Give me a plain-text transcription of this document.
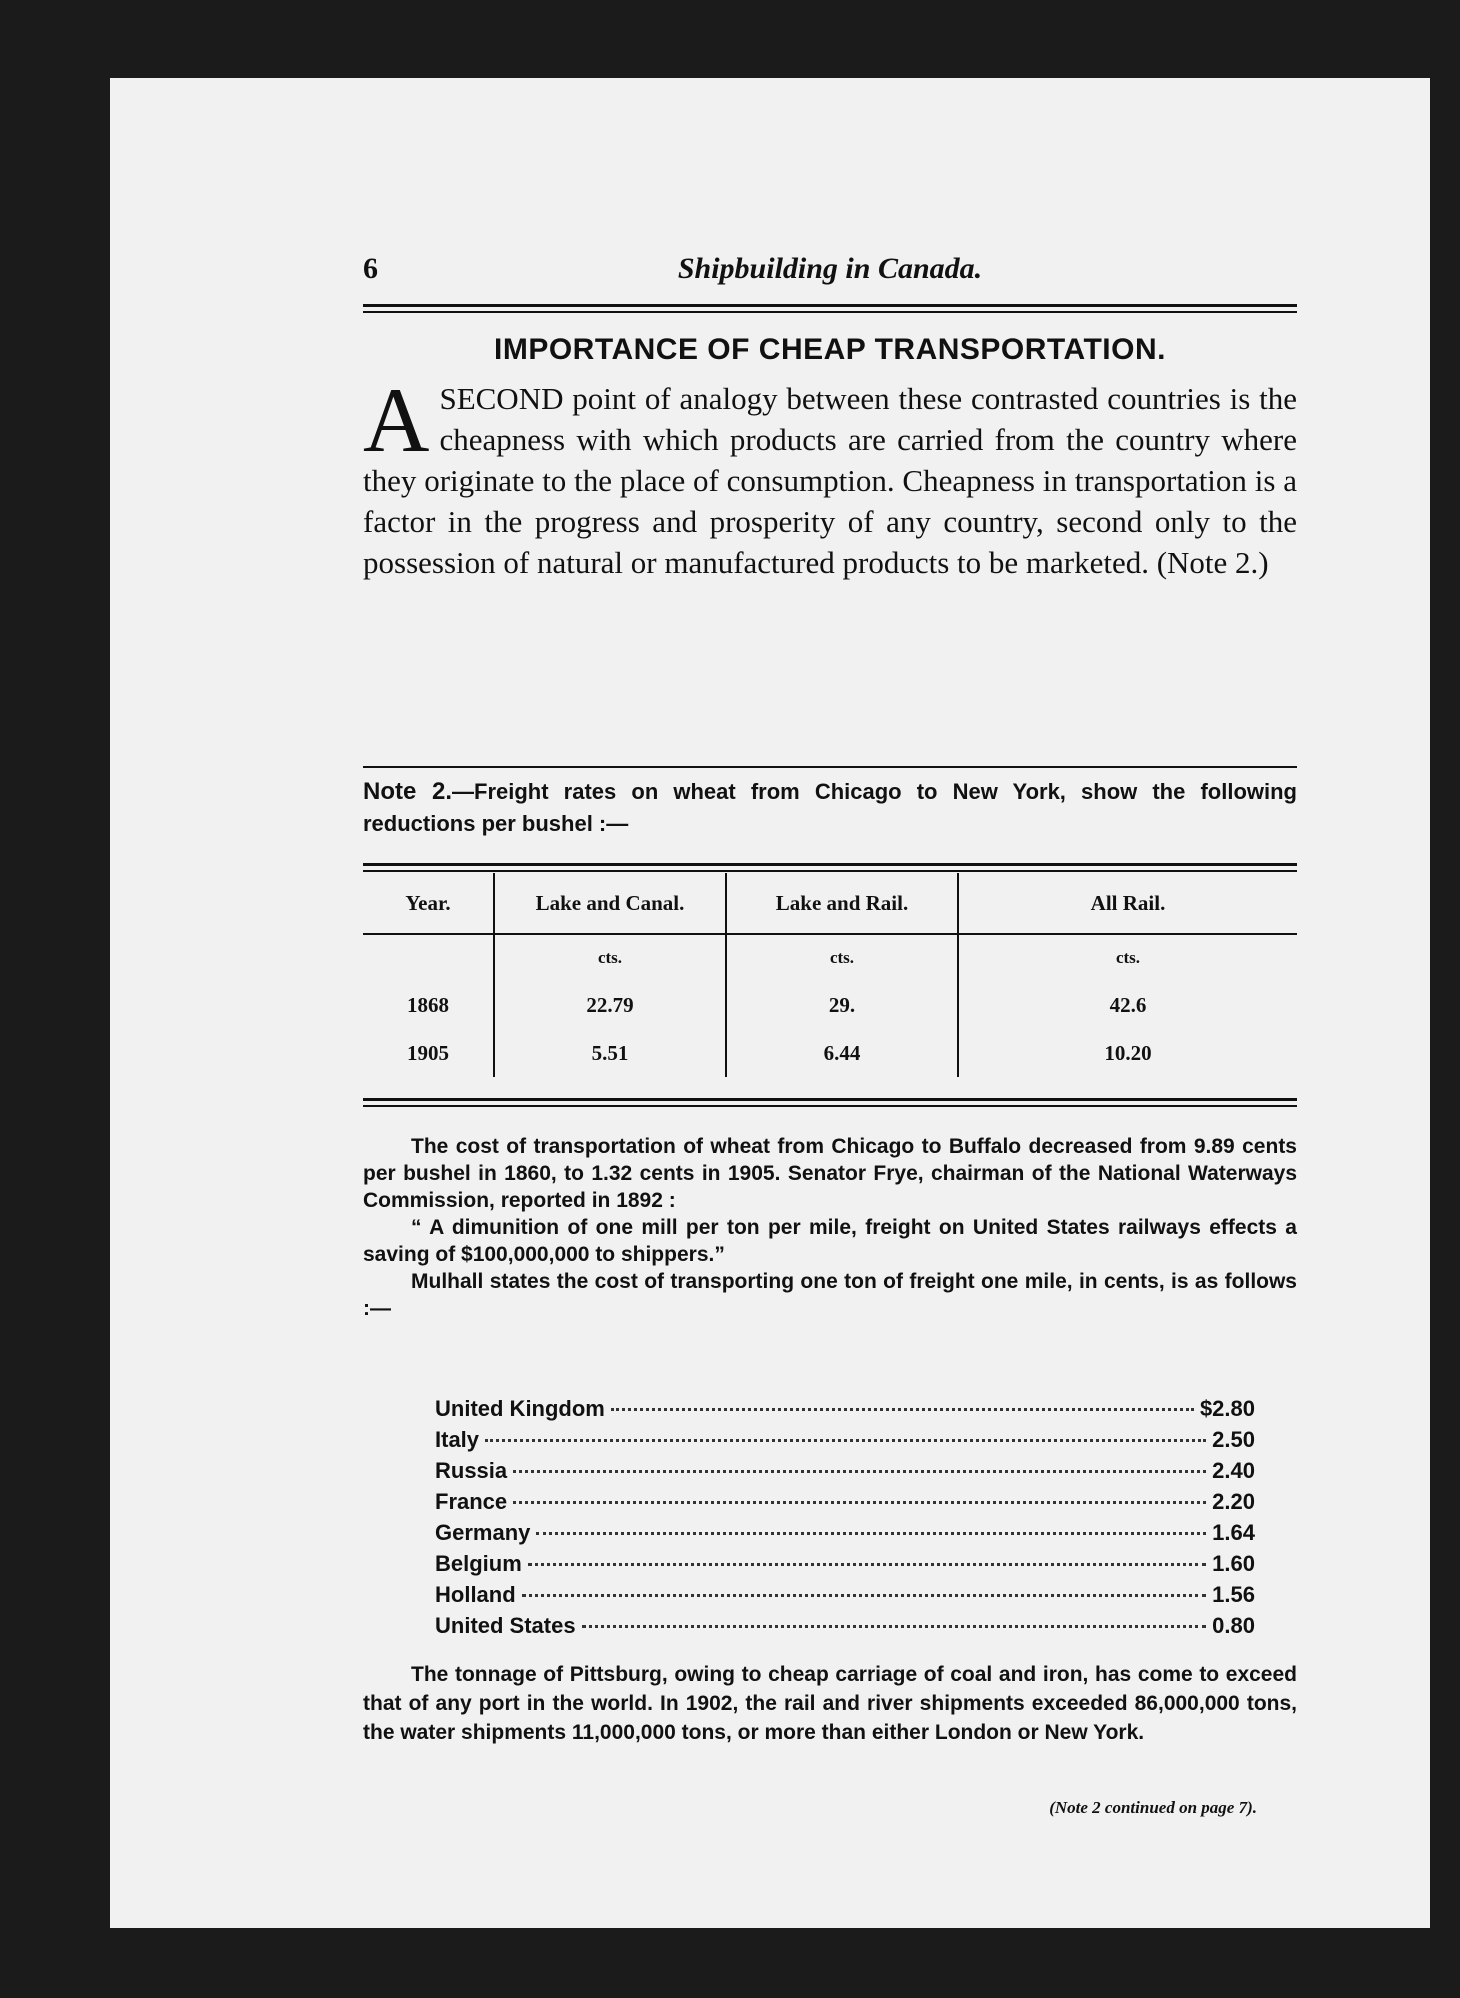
6	Shipbuilding in Canada.
IMPORTANCE OF CHEAP TRANSPORTATION.
A SECOND point of analogy between these contrasted countries is the cheapness with which products are carried from the country where they originate to the place of consumption. Cheapness in transportation is a factor in the progress and prosperity of any country, second only to the possession of natural or manufactured products to be marketed. (Note 2.)
Note 2.—Freight rates on wheat from Chicago to New York, show the following reductions per bushel :—
Year.	Lake and Canal.	Lake and Rail.	All Rail.
	cts.	cts.	cts.
1868	22.79	29.	42.6
1905	5.51	6.44	10.20

The cost of transportation of wheat from Chicago to Buffalo decreased from 9.89 cents per bushel in 1860, to 1.32 cents in 1905. Senator Frye, chairman of the National Waterways Commission, reported in 1892 :

“ A dimunition of one mill per ton per mile, freight on United States railways effects a saving of $100,000,000 to shippers.”

Mulhall states the cost of transporting one ton of freight one mile, in cents, is as follows :—

United Kingdom	$2.80
Italy	2.50
Russia	2.40
France	2.20
Germany	1.64
Belgium	1.60
Holland	1.56
United States	0.80

The tonnage of Pittsburg, owing to cheap carriage of coal and iron, has come to exceed that of any port in the world. In 1902, the rail and river shipments exceeded 86,000,000 tons, the water shipments 11,000,000 tons, or more than either London or New York.

(Note 2 continued on page 7).
